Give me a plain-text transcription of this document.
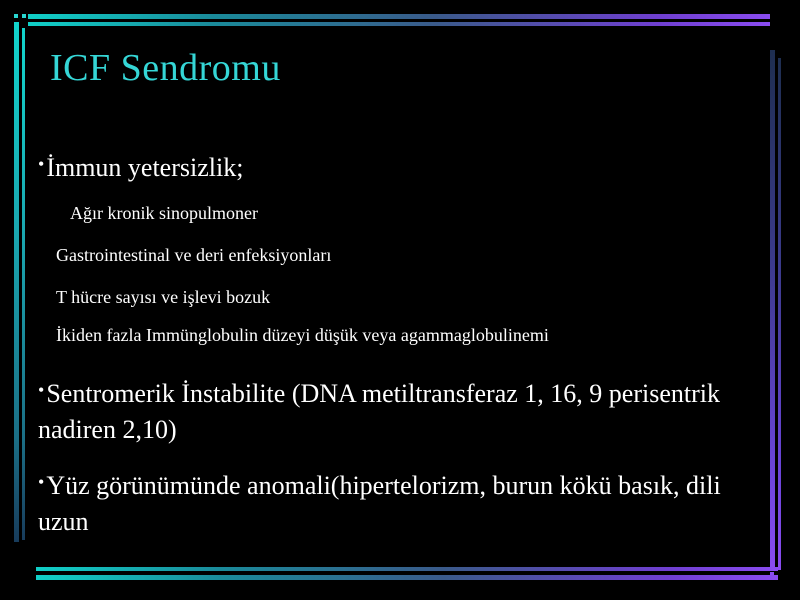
ICF Sendromu
•İmmun yetersizlik;
Ağır kronik sinopulmoner
Gastrointestinal ve deri enfeksiyonları
T hücre sayısı ve işlevi bozuk
İkiden fazla Immünglobulin düzeyi düşük veya agammaglobulinemi
•Sentromerik İnstabilite (DNA metiltransferaz 1, 16, 9 perisentrik nadiren 2,10)
•Yüz görünümünde anomali(hipertelorizm, burun kökü basık, dili uzun
